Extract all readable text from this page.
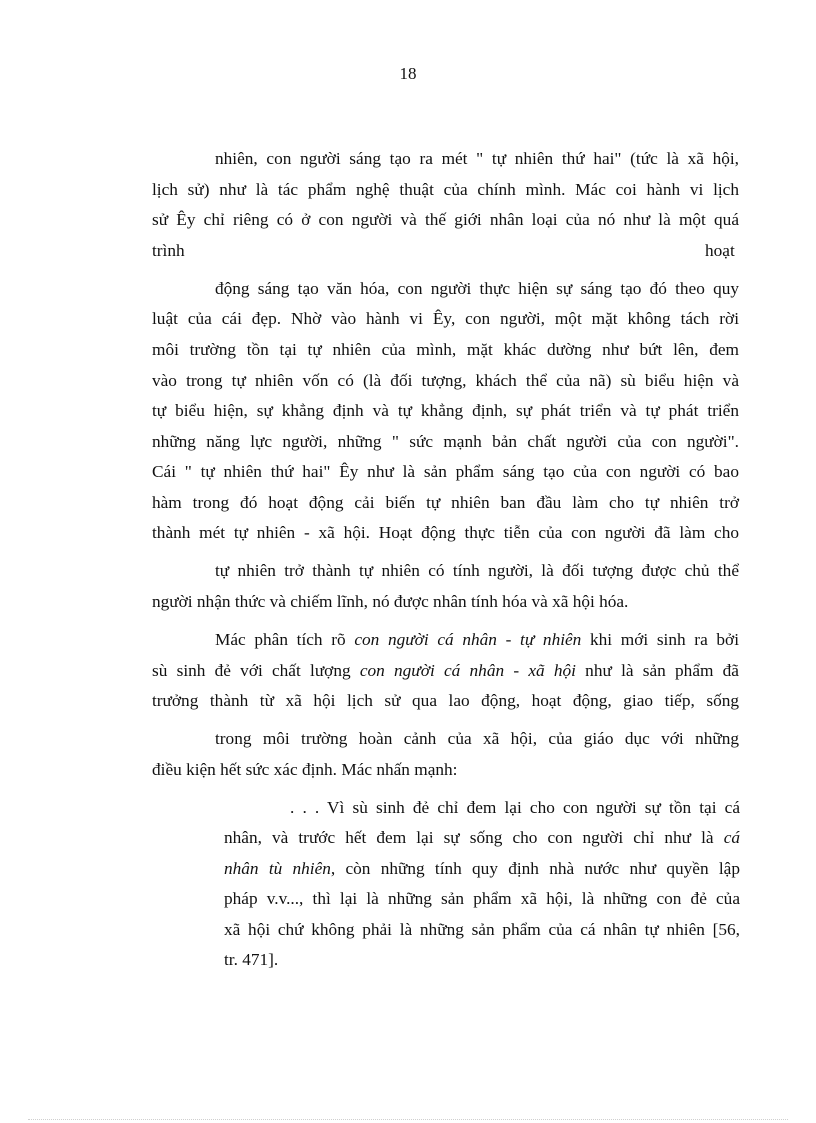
18

nhiên, con người sáng tạo ra mét " tự nhiên thứ hai" (tức là xã hội,

lịch sử) như là tác phẩm nghệ thuật của chính mình. Mác coi hành vi lịch

sử Êy chỉ riêng có ở con người và thế giới nhân loại của nó như là một quá

trình	hoạt

động sáng tạo văn hóa, con người thực hiện sự sáng tạo đó theo quy

luật của cái đẹp. Nhờ vào hành vi Êy, con người, một mặt không tách rời

môi trường tồn tại tự nhiên của mình, mặt khác dường như bứt lên, đem

vào trong tự nhiên vốn có (là đối tượng, khách thể của nã) sù biểu hiện và

tự biểu hiện, sự khẳng định và tự khẳng định, sự phát triển và tự phát triển

những năng lực người, những " sức mạnh bản chất người của con người".

Cái " tự nhiên thứ hai" Êy như là sản phẩm sáng tạo của con người có bao

hàm trong đó hoạt động cải biến tự nhiên ban đầu làm cho tự nhiên trở

thành mét tự nhiên - xã hội. Hoạt động thực tiễn của con người đã làm cho

tự nhiên trở thành tự nhiên có tính người, là đối tượng được chủ thể

người nhận thức và chiếm lĩnh, nó được nhân tính hóa và xã hội hóa.

Mác phân tích rõ con người cá nhân - tự nhiên khi mới sinh ra bởi

sù sinh đẻ với chất lượng con người cá nhân - xã hội như là sản phẩm đã

trưởng thành từ xã hội lịch sử qua lao động, hoạt động, giao tiếp, sống

trong môi trường hoàn cảnh của xã hội, của giáo dục với những

điều kiện hết sức xác định. Mác nhấn mạnh:

. . . Vì sù sinh đẻ chỉ đem lại cho con người sự tồn tại cá

nhân, và trước hết đem lại sự sống cho con người chỉ như là cá

nhân tù nhiên, còn những tính quy định nhà nước như quyền lập

pháp v.v..., thì lại là những sản phẩm xã hội, là những con đẻ của

xã hội chứ không phải là những sản phẩm của cá nhân tự nhiên [56,

tr. 471].
